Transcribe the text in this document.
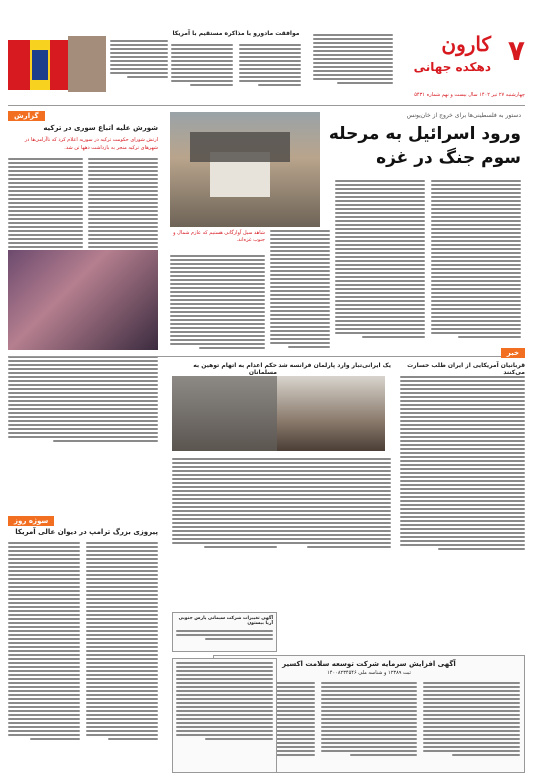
۷
کارون
دهکده جهانی
چهارشنبه ۲۷ تیر ۱۴۰۲ سال بیست و نهم شماره ۵۴۳۱
موافقت مادورو با مذاکره مستقیم با آمریکا
گزارش
شورش علیه اتباع سوری در ترکیه
ارتش شورای حکومت ترکیه در سوریه اعلام کرد که ناآرامی‌ها در شهرهای ترکیه منجر به بازداشت دهها تن شد.
دستور به فلسطینی‌ها برای خروج از خان‌یونس
ورود اسرائیل به مرحله
سوم جنگ در غزه
شاهد سیل آوارگانی هستیم که عازم شمال و جنوب غزه‌اند.
سوژه روز
پیروزی بزرگ ترامپ در دیوان عالی آمریکا
خبر
قربانیان آمریکایی از ایران طلب خسارت می‌کنند
یک ایرانی‌تبار وارد پارلمان فرانسه شد
حکم اعدام به اتهام توهین به مسلمانان
آگهی تغییرات شرکت سیمانی پارس جنوبی آریا بیستون
آگهی افزایش سرمایه شرکت توسعه سلامت اکسیر
ثبت ۱۲۳۸۹ و شناسه ملی ۱۴۰۰۸۲۳۴۵۴۶
